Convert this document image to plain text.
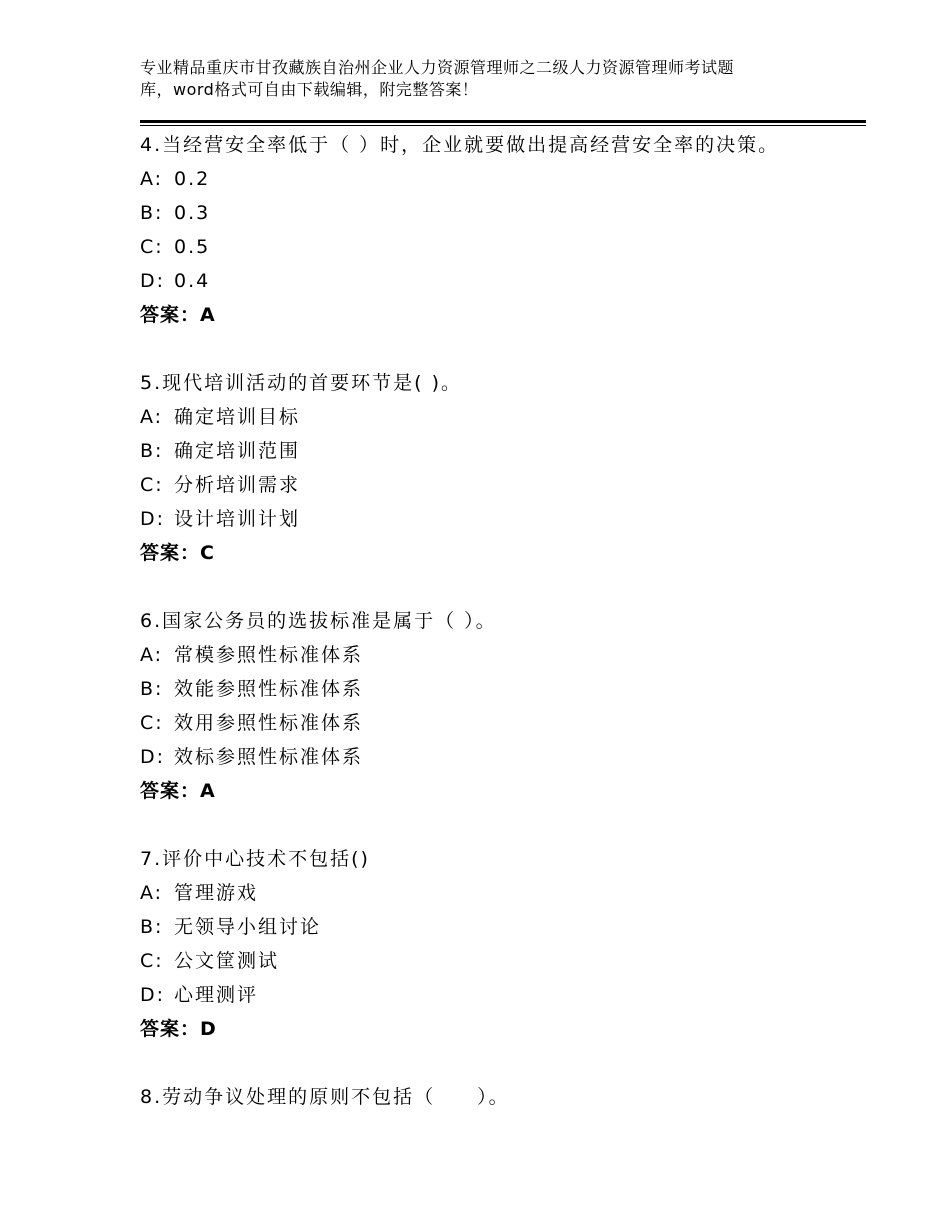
专业精品重庆市甘孜藏族自治州企业人力资源管理师之二级人力资源管理师考试题
库，word格式可自由下载编辑，附完整答案！
4.当经营安全率低于（ ）时，企业就要做出提高经营安全率的决策。
A: 0.2
B: 0.3
C: 0.5
D: 0.4
答案：A
5.现代培训活动的首要环节是( )。
A: 确定培训目标
B: 确定培训范围
C: 分析培训需求
D: 设计培训计划
答案：C
6.国家公务员的选拔标准是属于（ ）。
A: 常模参照性标准体系
B: 效能参照性标准体系
C: 效用参照性标准体系
D: 效标参照性标准体系
答案：A
7.评价中心技术不包括()
A: 管理游戏
B: 无领导小组讨论
C: 公文筐测试
D: 心理测评
答案：D
8.劳动争议处理的原则不包括（　　）。
